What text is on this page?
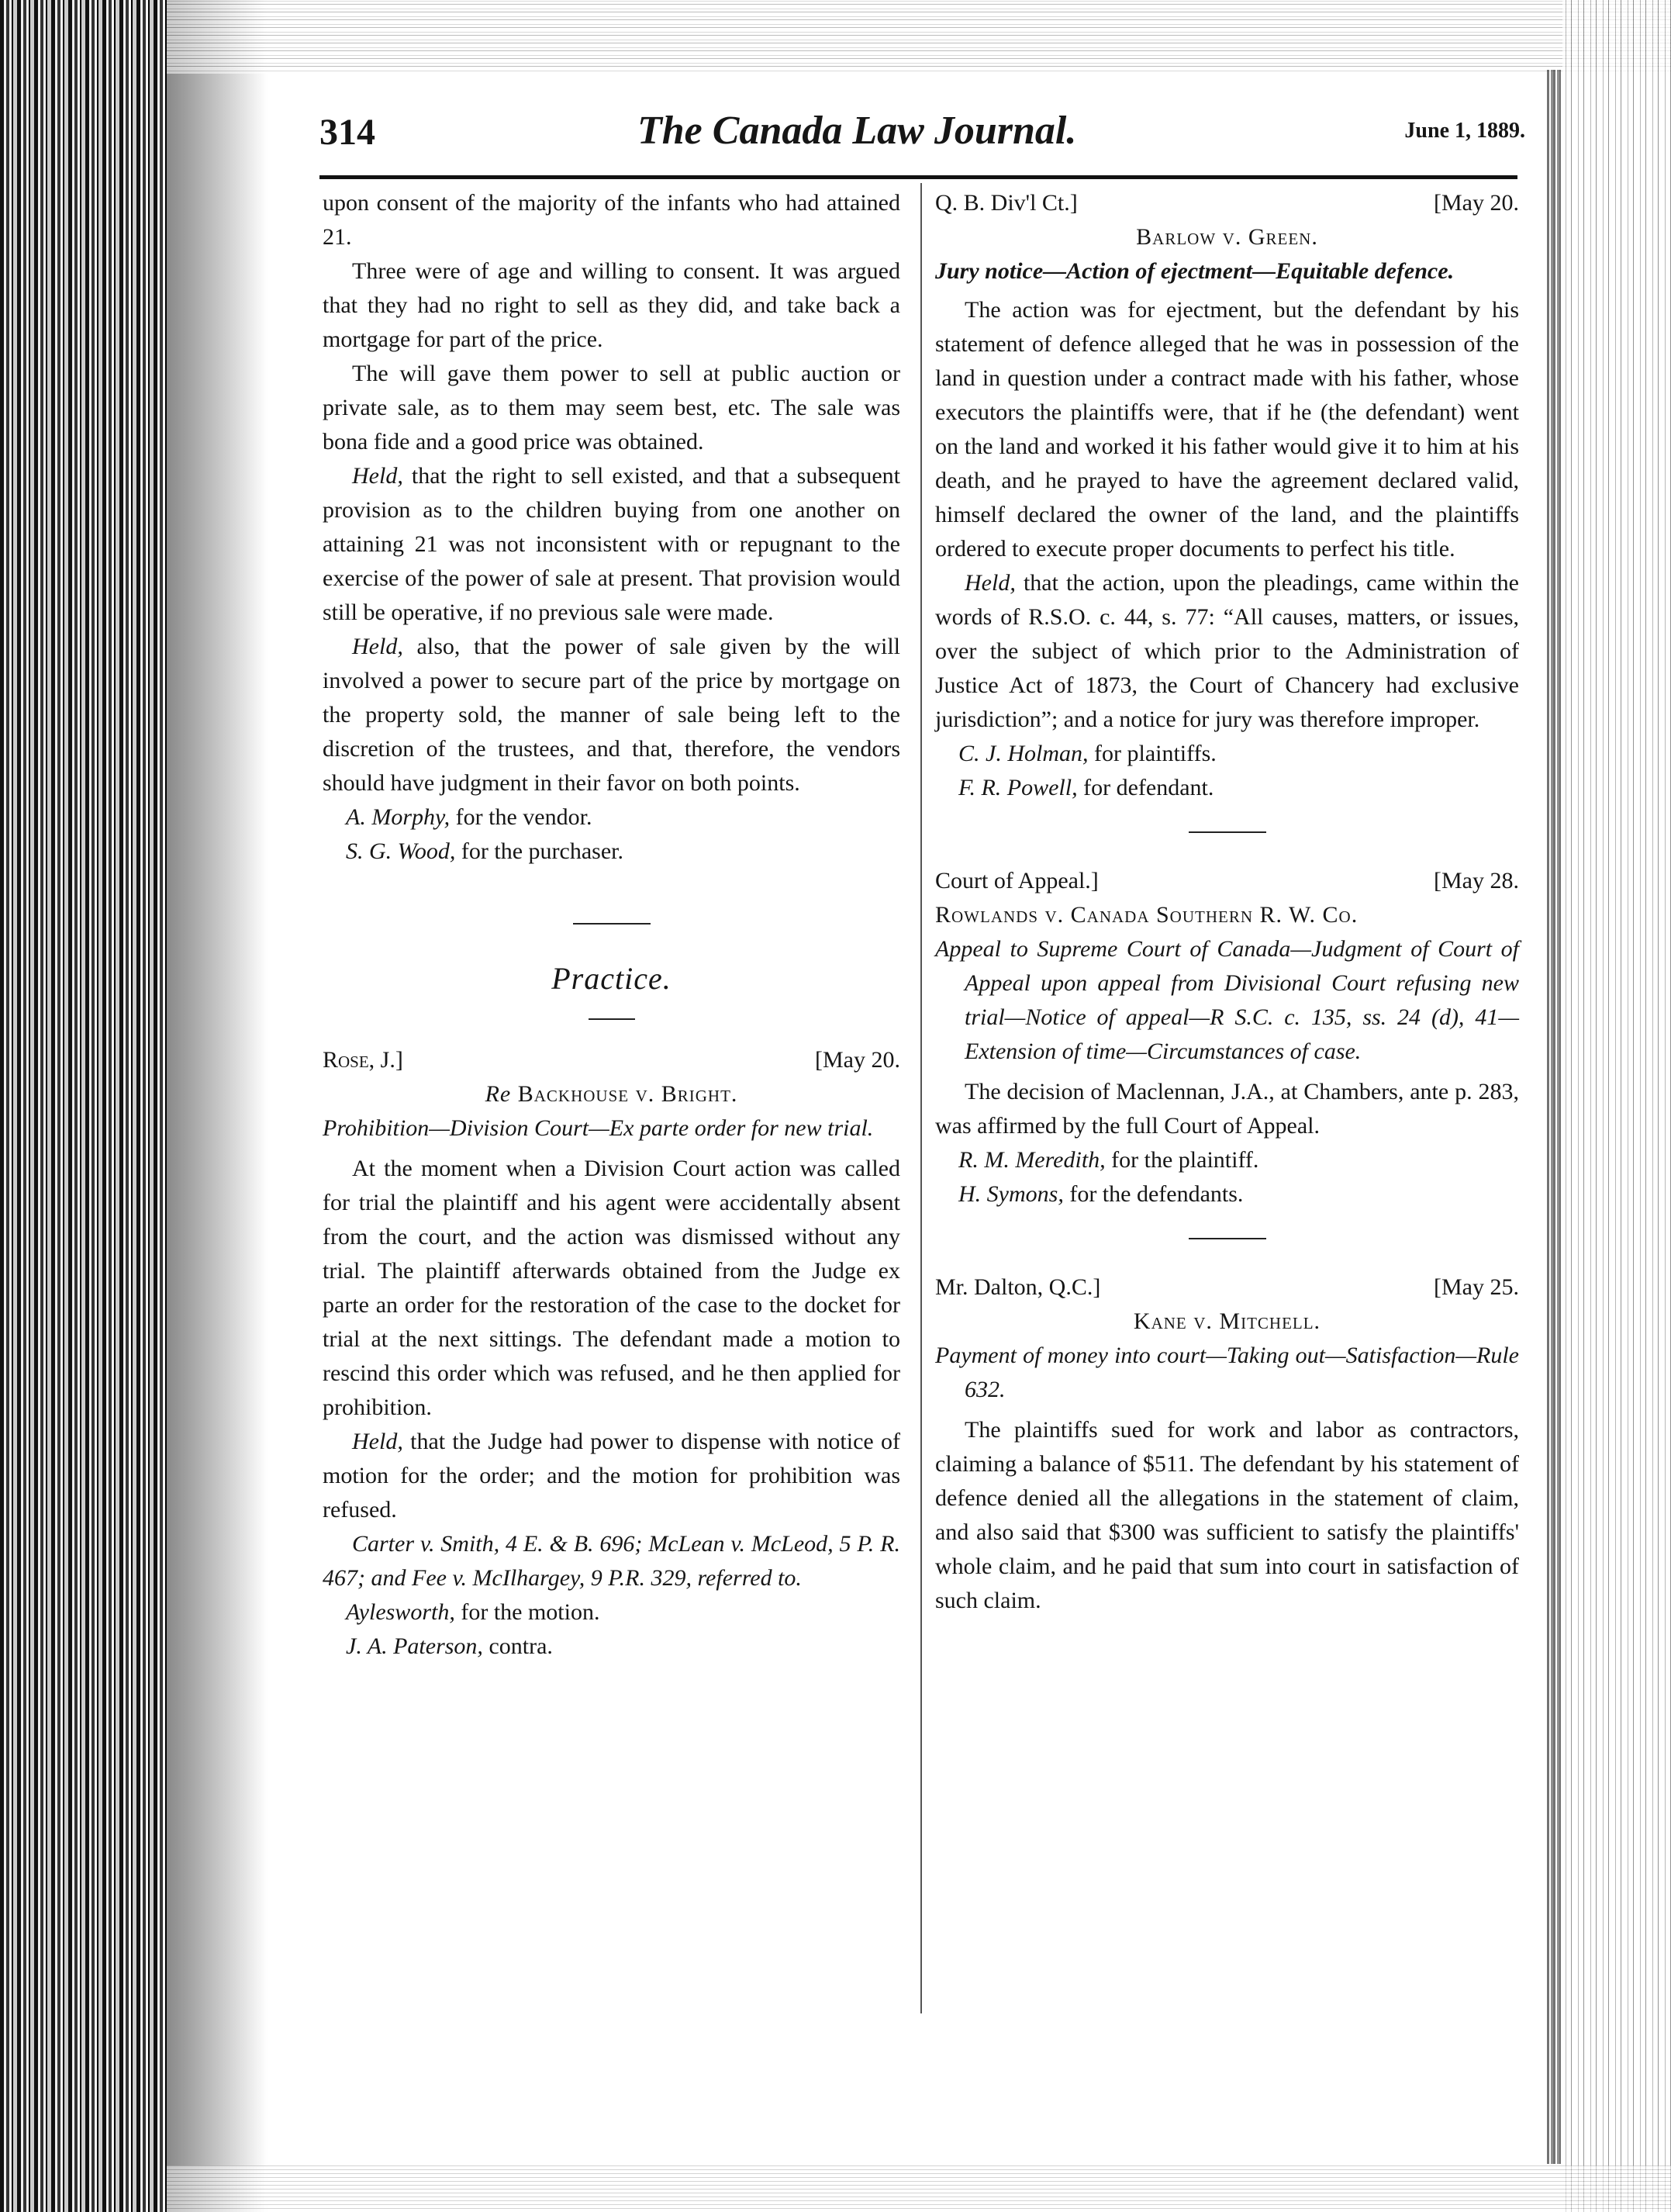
314	The Canada Law Journal.	June 1, 1889.

upon consent of the majority of the infants who had attained 21.

Three were of age and willing to consent. It was argued that they had no right to sell as they did, and take back a mortgage for part of the price.

The will gave them power to sell at public auction or private sale, as to them may seem best, etc. The sale was bona fide and a good price was obtained.

Held, that the right to sell existed, and that a subsequent provision as to the children buying from one another on attaining 21 was not inconsistent with or repugnant to the exercise of the power of sale at present. That provision would still be operative, if no previous sale were made.

Held, also, that the power of sale given by the will involved a power to secure part of the price by mortgage on the property sold, the manner of sale being left to the discretion of the trustees, and that, therefore, the vendors should have judgment in their favor on both points.

A. Morphy, for the vendor.
S. G. Wood, for the purchaser.
Practice.
Rose, J.]	[May 20.
Re Backhouse v. Bright.
Prohibition—Division Court—Ex parte order for new trial.

At the moment when a Division Court action was called for trial the plaintiff and his agent were accidentally absent from the court, and the action was dismissed without any trial. The plaintiff afterwards obtained from the Judge ex parte an order for the restoration of the case to the docket for trial at the next sittings. The defendant made a motion to rescind this order which was refused, and he then applied for prohibition.

Held, that the Judge had power to dispense with notice of motion for the order; and the motion for prohibition was refused.

Carter v. Smith, 4 E. & B. 696; McLean v. McLeod, 5 P. R. 467; and Fee v. McIlhargey, 9 P.R. 329, referred to.

Aylesworth, for the motion.
J. A. Paterson, contra.
Q. B. Div'l Ct.]	[May 20.
Barlow v. Green.
Jury notice—Action of ejectment—Equitable defence.

The action was for ejectment, but the defendant by his statement of defence alleged that he was in possession of the land in question under a contract made with his father, whose executors the plaintiffs were, that if he (the defendant) went on the land and worked it his father would give it to him at his death, and he prayed to have the agreement declared valid, himself declared the owner of the land, and the plaintiffs ordered to execute proper documents to perfect his title.

Held, that the action, upon the pleadings, came within the words of R.S.O. c. 44, s. 77: “All causes, matters, or issues, over the subject of which prior to the Administration of Justice Act of 1873, the Court of Chancery had exclusive jurisdiction”; and a notice for jury was therefore improper.

C. J. Holman, for plaintiffs.
F. R. Powell, for defendant.
Court of Appeal.]	[May 28.
Rowlands v. Canada Southern R. W. Co.
Appeal to Supreme Court of Canada—Judgment of Court of Appeal upon appeal from Divisional Court refusing new trial—Notice of appeal—R S.C. c. 135, ss. 24 (d), 41—Extension of time—Circumstances of case.

The decision of Maclennan, J.A., at Chambers, ante p. 283, was affirmed by the full Court of Appeal.

R. M. Meredith, for the plaintiff.
H. Symons, for the defendants.
Mr. Dalton, Q.C.]	[May 25.
Kane v. Mitchell.
Payment of money into court—Taking out—Satisfaction—Rule 632.

The plaintiffs sued for work and labor as contractors, claiming a balance of $511. The defendant by his statement of defence denied all the allegations in the statement of claim, and also said that $300 was sufficient to satisfy the plaintiffs' whole claim, and he paid that sum into court in satisfaction of such claim.
